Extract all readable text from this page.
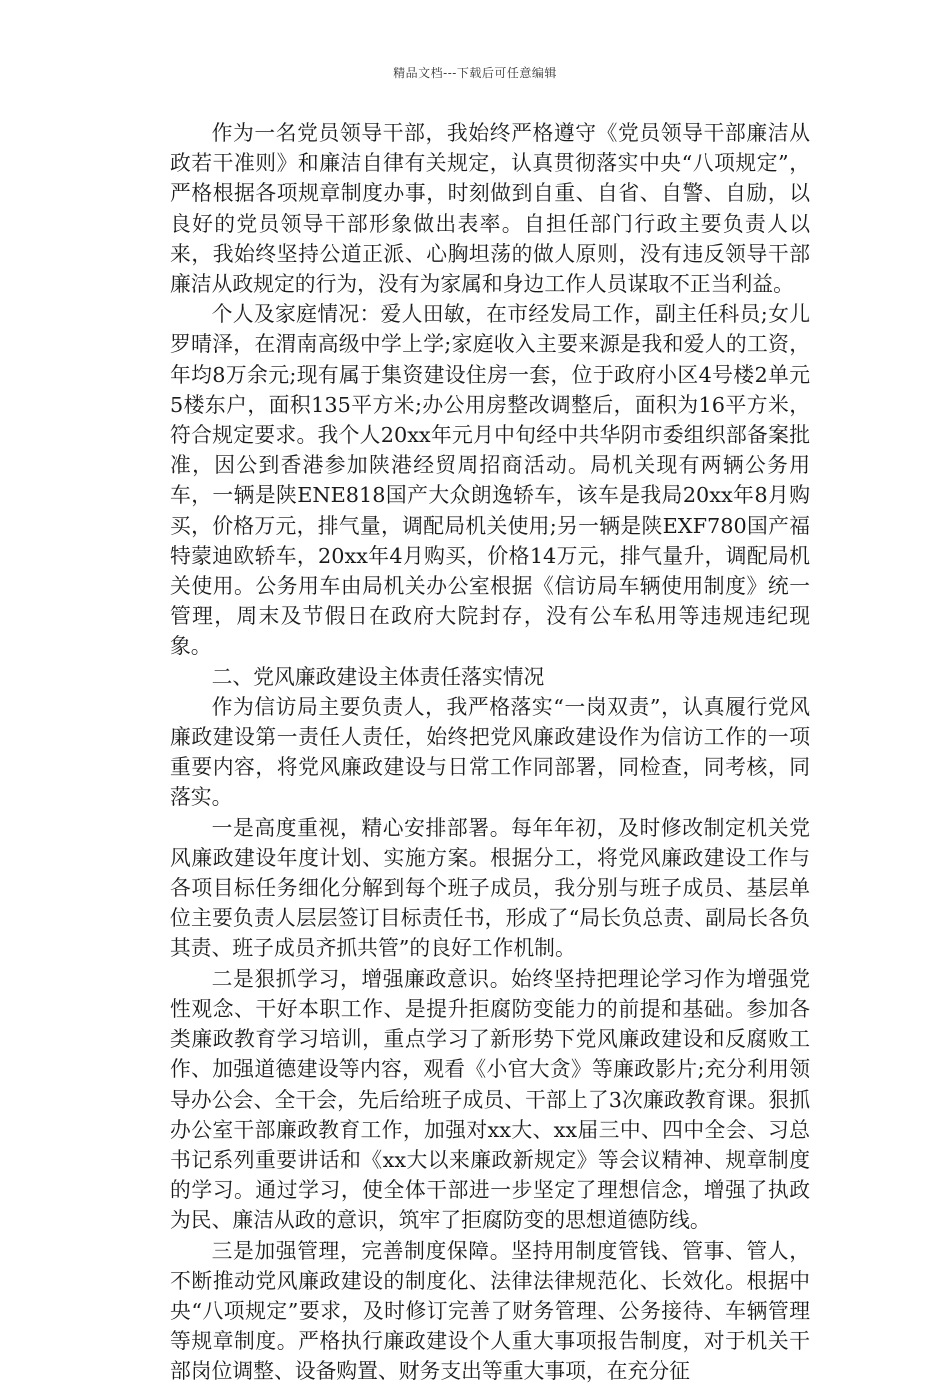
精品文档---下载后可任意编辑

作为一名党员领导干部，我始终严格遵守《党员领导干部廉洁从政若干准则》和廉洁自律有关规定，认真贯彻落实中央“八项规定”，严格根据各项规章制度办事，时刻做到自重、自省、自警、自励，以良好的党员领导干部形象做出表率。自担任部门行政主要负责人以来，我始终坚持公道正派、心胸坦荡的做人原则，没有违反领导干部廉洁从政规定的行为，没有为家属和身边工作人员谋取不正当利益。

个人及家庭情况：爱人田敏，在市经发局工作，副主任科员;女儿罗晴泽，在渭南高级中学上学;家庭收入主要来源是我和爱人的工资，年均8万余元;现有属于集资建设住房一套，位于政府小区4号楼2单元5楼东户，面积135平方米;办公用房整改调整后，面积为16平方米，符合规定要求。我个人20xx年元月中旬经中共华阴市委组织部备案批准，因公到香港参加陕港经贸周招商活动。局机关现有两辆公务用车，一辆是陕ENE818国产大众朗逸轿车，该车是我局20xx年8月购买，价格万元，排气量，调配局机关使用;另一辆是陕EXF780国产福特蒙迪欧轿车，20xx年4月购买，价格14万元，排气量升，调配局机关使用。公务用车由局机关办公室根据《信访局车辆使用制度》统一管理，周末及节假日在政府大院封存，没有公车私用等违规违纪现象。

二、党风廉政建设主体责任落实情况

作为信访局主要负责人，我严格落实“一岗双责”，认真履行党风廉政建设第一责任人责任，始终把党风廉政建设作为信访工作的一项重要内容，将党风廉政建设与日常工作同部署，同检查，同考核，同落实。

一是高度重视，精心安排部署。每年年初，及时修改制定机关党风廉政建设年度计划、实施方案。根据分工，将党风廉政建设工作与各项目标任务细化分解到每个班子成员，我分别与班子成员、基层单位主要负责人层层签订目标责任书，形成了“局长负总责、副局长各负其责、班子成员齐抓共管”的良好工作机制。

二是狠抓学习，增强廉政意识。始终坚持把理论学习作为增强党性观念、干好本职工作、是提升拒腐防变能力的前提和基础。参加各类廉政教育学习培训，重点学习了新形势下党风廉政建设和反腐败工作、加强道德建设等内容，观看《小官大贪》等廉政影片;充分利用领导办公会、全干会，先后给班子成员、干部上了3次廉政教育课。狠抓办公室干部廉政教育工作，加强对xx大、xx届三中、四中全会、习总书记系列重要讲话和《xx大以来廉政新规定》等会议精神、规章制度的学习。通过学习，使全体干部进一步坚定了理想信念，增强了执政为民、廉洁从政的意识，筑牢了拒腐防变的思想道德防线。

三是加强管理，完善制度保障。坚持用制度管钱、管事、管人，不断推动党风廉政建设的制度化、法律法律规范化、长效化。根据中央“八项规定”要求，及时修订完善了财务管理、公务接待、车辆管理等规章制度。严格执行廉政建设个人重大事项报告制度，对于机关干部岗位调整、设备购置、财务支出等重大事项，在充分征
